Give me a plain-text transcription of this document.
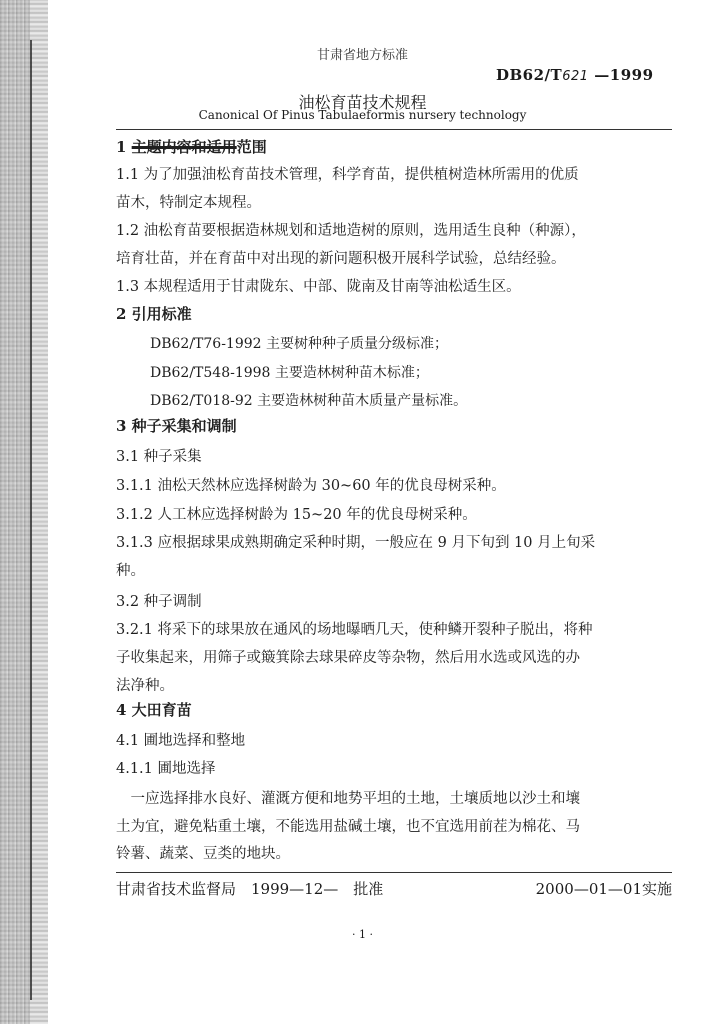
甘肃省地方标准
DB62/T621 —1999
油松育苗技术规程
Canonical Of Pinus Tabulaeformis nursery technology
1 主题内容和适用范围
1.1 为了加强油松育苗技术管理，科学育苗，提供植树造林所需用的优质
苗木，特制定本规程。
1.2 油松育苗要根据造林规划和适地造树的原则，选用适生良种（种源），
培育壮苗，并在育苗中对出现的新问题积极开展科学试验，总结经验。
1.3 本规程适用于甘肃陇东、中部、陇南及甘南等油松适生区。
2 引用标准
DB62/T76-1992 主要树种种子质量分级标准；
DB62/T548-1998 主要造林树种苗木标准；
DB62/T018-92 主要造林树种苗木质量产量标准。
3 种子采集和调制
3.1 种子采集
3.1.1 油松天然林应选择树龄为 30~60 年的优良母树采种。
3.1.2 人工林应选择树龄为 15~20 年的优良母树采种。
3.1.3 应根据球果成熟期确定采种时期，一般应在 9 月下旬到 10 月上旬采
种。
3.2 种子调制
3.2.1 将采下的球果放在通风的场地曝晒几天，使种鳞开裂种子脱出，将种
子收集起来，用筛子或簸箕除去球果碎皮等杂物，然后用水选或风选的办
法净种。
4 大田育苗
4.1 圃地选择和整地
4.1.1 圃地选择
　一应选择排水良好、灌溉方便和地势平坦的土地，土壤质地以沙土和壤
土为宜，避免粘重土壤，不能选用盐碱土壤，也不宜选用前茬为棉花、马
铃薯、蔬菜、豆类的地块。
甘肃省技术监督局　1999—12—　批准	2000—01—01实施
· 1 ·
